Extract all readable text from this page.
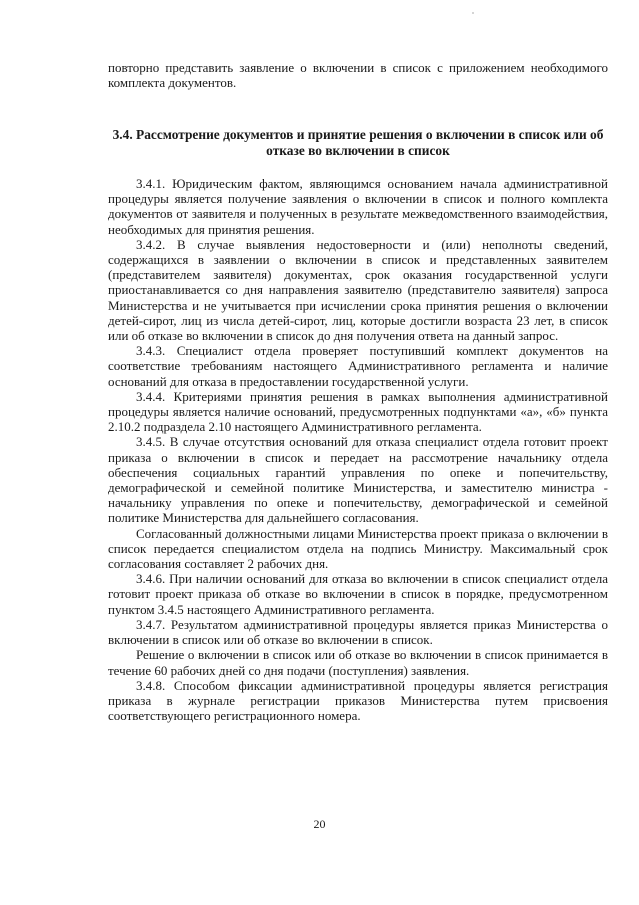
повторно представить заявление о включении в список с приложением необходимого комплекта документов.

3.4. Рассмотрение документов и принятие решения о включении в список или об отказе во включении в список

3.4.1. Юридическим фактом, являющимся основанием начала административной процедуры является получение заявления о включении в список и полного комплекта документов от заявителя и полученных в результате межведомственного взаимодействия, необходимых для принятия решения.

3.4.2. В случае выявления недостоверности и (или) неполноты сведений, содержащихся в заявлении о включении в список и представленных заявителем (представителем заявителя) документах, срок оказания государственной услуги приостанавливается со дня направления заявителю (представителю заявителя) запроса Министерства и не учитывается при исчислении срока принятия решения о включении детей-сирот, лиц из числа детей-сирот, лиц, которые достигли возраста 23 лет, в список или об отказе во включении в список до дня получения ответа на данный запрос.

3.4.3. Специалист отдела проверяет поступивший комплект документов на соответствие требованиям настоящего Административного регламента и наличие оснований для отказа в предоставлении государственной услуги.

3.4.4. Критериями принятия решения в рамках выполнения административной процедуры является наличие оснований, предусмотренных подпунктами «а», «б» пункта 2.10.2 подраздела 2.10 настоящего Административного регламента.

3.4.5. В случае отсутствия оснований для отказа специалист отдела готовит проект приказа о включении в список и передает на рассмотрение начальнику отдела обеспечения социальных гарантий управления по опеке и попечительству, демографической и семейной политике Министерства, и заместителю министра - начальнику управления по опеке и попечительству, демографической и семейной политике Министерства для дальнейшего согласования.

Согласованный должностными лицами Министерства проект приказа о включении в список передается специалистом отдела на подпись Министру. Максимальный срок согласования составляет 2 рабочих дня.

3.4.6. При наличии оснований для отказа во включении в список специалист отдела готовит проект приказа об отказе во включении в список в порядке, предусмотренном пунктом 3.4.5 настоящего Административного регламента.

3.4.7. Результатом административной процедуры является приказ Министерства о включении в список или об отказе во включении в список.

Решение о включении в список или об отказе во включении в список принимается в течение 60 рабочих дней со дня подачи (поступления) заявления.

3.4.8. Способом фиксации административной процедуры является регистрация приказа в журнале регистрации приказов Министерства путем присвоения соответствующего регистрационного номера.

20
